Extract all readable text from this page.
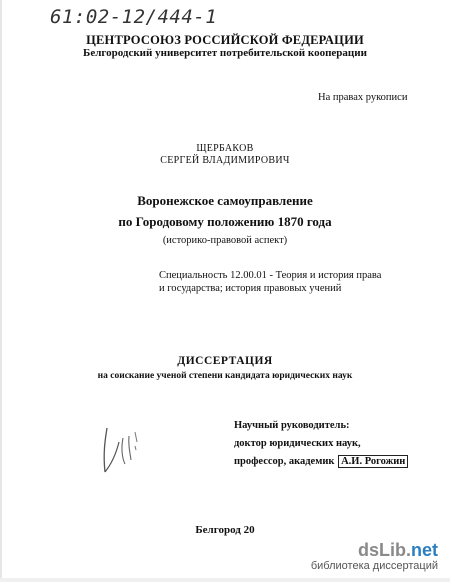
61:02-12/444-1
ЦЕНТРОСОЮЗ РОССИЙСКОЙ ФЕДЕРАЦИИ
Белгородский университет потребительской кооперации
На правах рукописи
ЩЕРБАКОВ
СЕРГЕЙ ВЛАДИМИРОВИЧ
Воронежское самоуправление
по Городовому положению 1870 года
(историко-правовой аспект)
Специальность 12.00.01 - Теория и история права
и государства; история правовых учений
ДИССЕРТАЦИЯ
на соискание ученой степени кандидата юридических наук
Научный руководитель:
доктор юридических наук,
профессор, академик А.И. Рогожин
Белгород 20
dsLib.net
библиотека диссертаций
